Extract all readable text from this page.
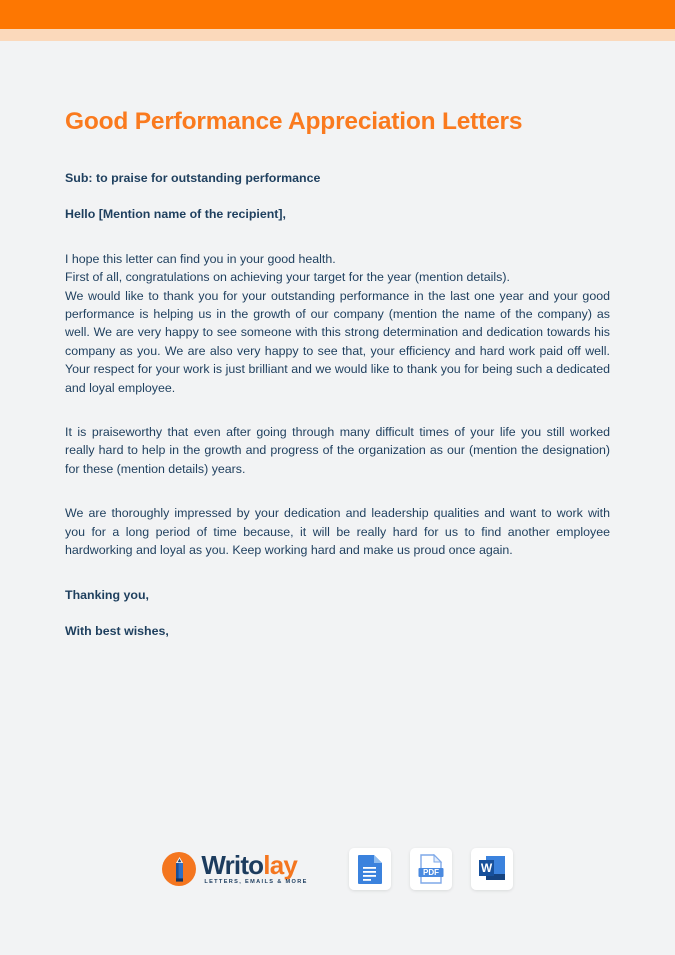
Good Performance Appreciation Letters

Sub: to praise for outstanding performance

Hello [Mention name of the recipient],

I hope this letter can find you in your good health.

First of all, congratulations on achieving your target for the year (mention details).

We would like to thank you for your outstanding performance in the last one year and your good performance is helping us in the growth of our company (mention the name of the company) as well. We are very happy to see someone with this strong determination and dedication towards his company as you. We are also very happy to see that, your efficiency and hard work paid off well. Your respect for your work is just brilliant and we would like to thank you for being such a dedicated and loyal employee.

It is praiseworthy that even after going through many difficult times of your life you still worked really hard to help in the growth and progress of the organization as our (mention the designation) for these (mention details) years.

We are thoroughly impressed by your dedication and leadership qualities and want to work with you for a long period of time because, it will be really hard for us to find another employee hardworking and loyal as you. Keep working hard and make us proud once again.

Thanking you,

With best wishes,

Writolay
LETTERS, EMAILS & MORE
PDF	W
